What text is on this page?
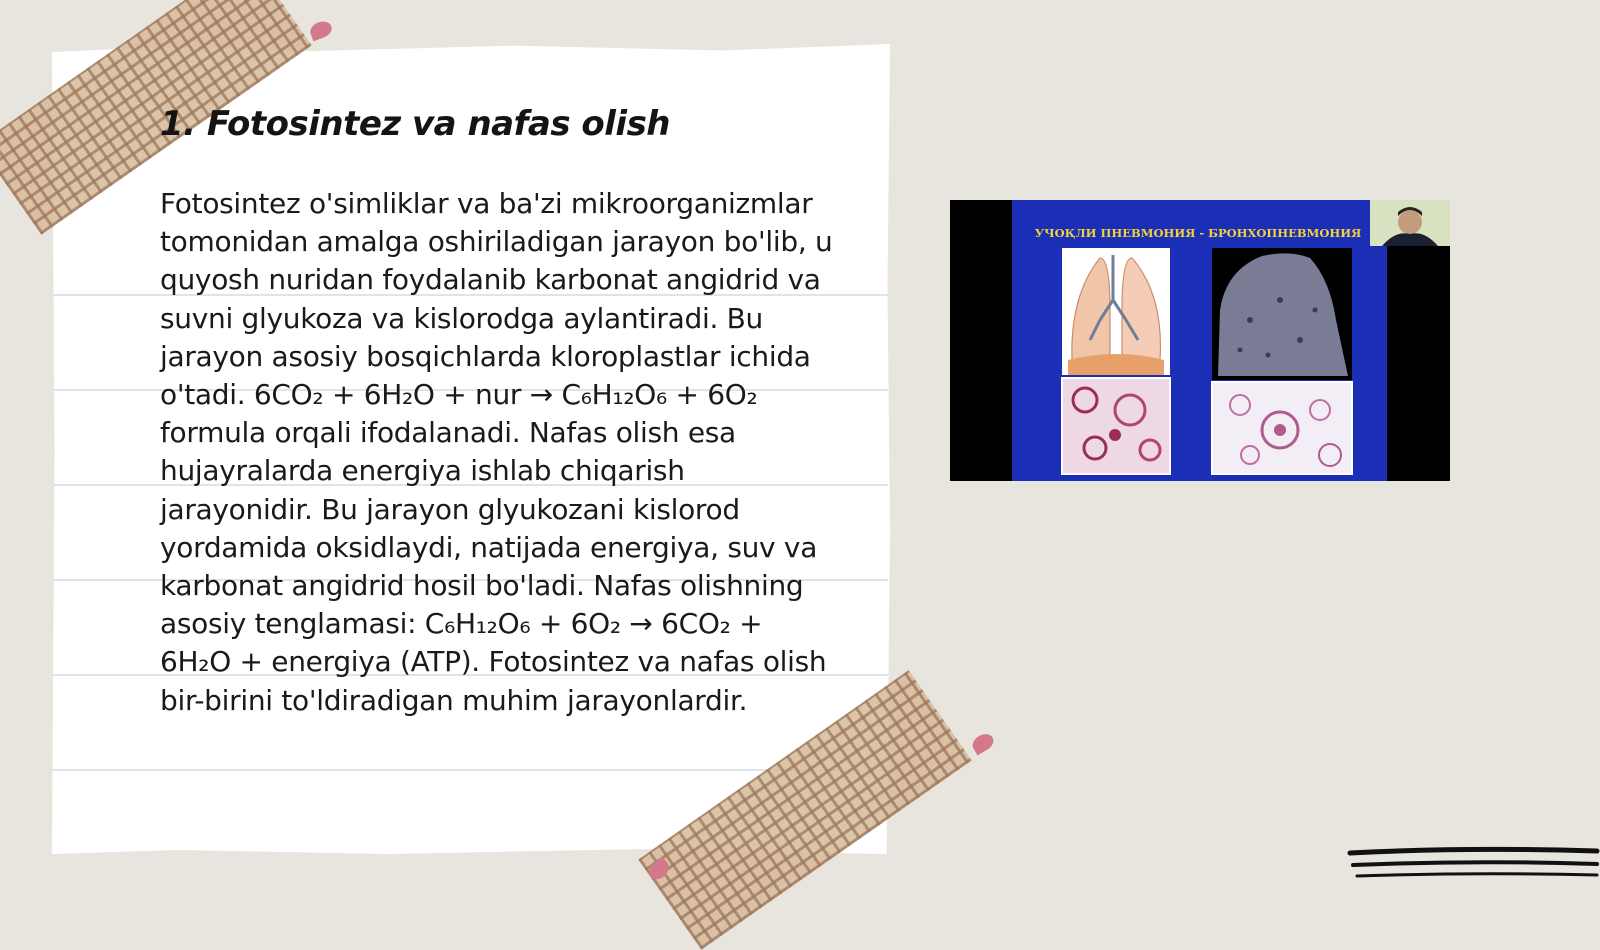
1. Fotosintez va nafas olish

Fotosintez o'simliklar va ba'zi mikroorganizmlar tomonidan amalga oshiriladigan jarayon bo'lib, u quyosh nuridan foydalanib karbonat angidrid va suvni glyukoza va kislorodga aylantiradi. Bu jarayon asosiy bosqichlarda kloroplastlar ichida o'tadi. 6CO₂ + 6H₂O + nur → C₆H₁₂O₆ + 6O₂ formula orqali ifodalanadi. Nafas olish esa hujayralarda energiya ishlab chiqarish jarayonidir. Bu jarayon glyukozani kislorod yordamida oksidlaydi, natijada energiya, suv va karbonat angidrid hosil bo'ladi. Nafas olishning asosiy tenglamasi: C₆H₁₂O₆ + 6O₂ → 6CO₂ + 6H₂O + energiya (ATP). Fotosintez va nafas olish bir-birini to'ldiradigan muhim jarayonlardir.

УЧОҚЛИ ПНЕВМОНИЯ - БРОНХОПНЕВМОНИЯ
